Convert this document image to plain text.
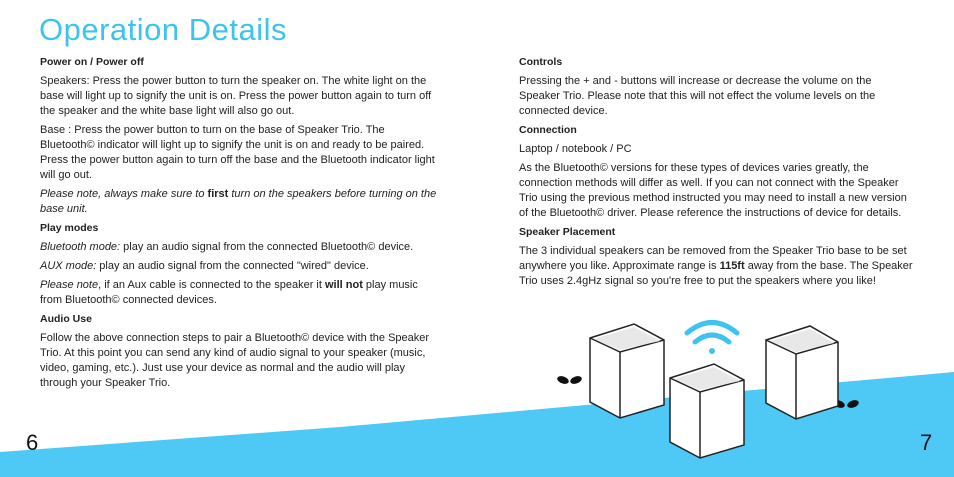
Operation Details
Power on / Power off

Speakers: Press the power button to turn the speaker on. The white light on the base will light up to signify the unit is on. Press the power button again to turn off the speaker and the white base light will also go out.

Base : Press the power button to turn on the base of Speaker Trio. The Bluetooth© indicator will light up to signify the unit is on and ready to be paired. Press the power button again to turn off the base and the Bluetooth indicator light will go out.

Please note, always make sure to first turn on the speakers before turning on the base unit.

Play modes

Bluetooth mode: play an audio signal from the connected Bluetooth© device.

AUX mode: play an audio signal from the connected "wired" device.

Please note, if an Aux cable is connected to the speaker it will not play music from Bluetooth© connected devices.

Audio Use

Follow the above connection steps to pair a Bluetooth© device with the Speaker Trio. At this point you can send any kind of audio signal to your speaker (music, video, gaming, etc.). Just use your device as normal and the audio will play through your Speaker Trio.

Controls

Pressing the + and - buttons will increase or decrease the volume on the Speaker Trio. Please note that this will not effect the volume levels on the connected device.

Connection

Laptop / notebook / PC

As the Bluetooth© versions for these types of devices varies greatly, the connection methods will differ as well. If you can not connect with the Speaker Trio using the previous method instructed you may need to install a new version of the Bluetooth© driver. Please reference the instructions of device for details.

Speaker Placement

The 3 individual speakers can be removed from the Speaker Trio base to be set anywhere you like. Approximate range is 115ft away from the base. The Speaker Trio uses 2.4gHz signal so you're free to put the speakers where you like!

6	7
